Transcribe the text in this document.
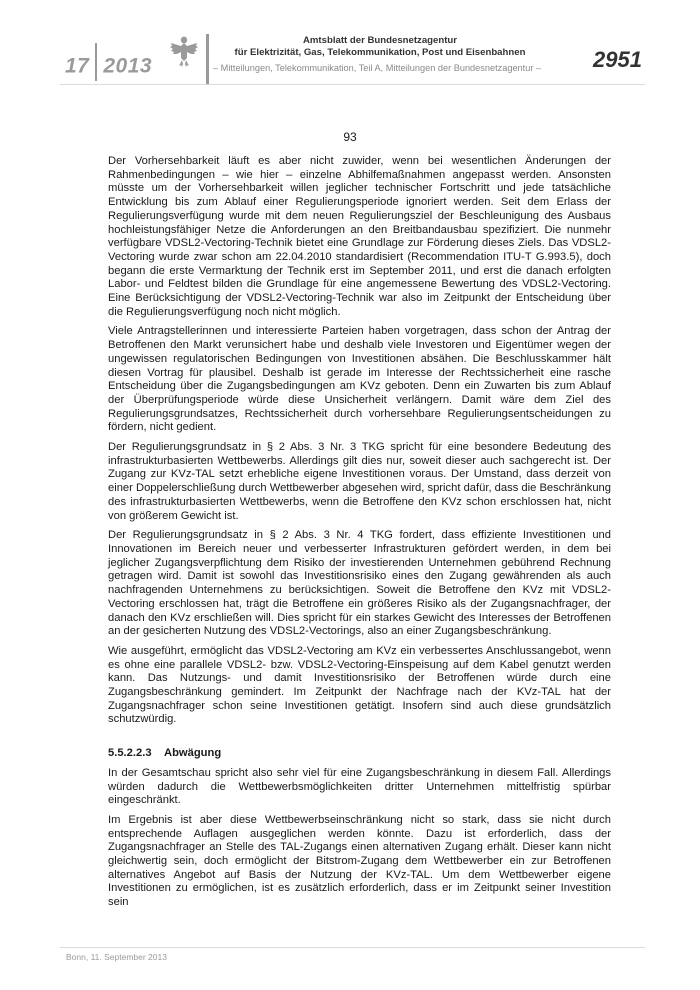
17 2013
Amtsblatt der Bundesnetzagentur
für Elektrizität, Gas, Telekommunikation, Post und Eisenbahnen
– Mitteilungen, Telekommunikation, Teil A, Mitteilungen der Bundesnetzagentur – 2951
93

Der Vorhersehbarkeit läuft es aber nicht zuwider, wenn bei wesentlichen Änderungen der Rahmenbedingungen – wie hier – einzelne Abhilfemaßnahmen angepasst werden. Ansonsten müsste um der Vorhersehbarkeit willen jeglicher technischer Fortschritt und jede tatsächliche Entwicklung bis zum Ablauf einer Regulierungsperiode ignoriert werden. Seit dem Erlass der Regulierungsverfügung wurde mit dem neuen Regulierungsziel der Beschleunigung des Ausbaus hochleistungsfähiger Netze die Anforderungen an den Breitbandausbau spezifiziert. Die nunmehr verfügbare VDSL2-Vectoring-Technik bietet eine Grundlage zur Förderung dieses Ziels. Das VDSL2-Vectoring wurde zwar schon am 22.04.2010 standardisiert (Recommendation ITU-T G.993.5), doch begann die erste Vermarktung der Technik erst im September 2011, und erst die danach erfolgten Labor- und Feldtest bilden die Grundlage für eine angemessene Bewertung des VDSL2-Vectoring. Eine Berücksichtigung der VDSL2-Vectoring-Technik war also im Zeitpunkt der Entscheidung über die Regulierungsverfügung noch nicht möglich.

Viele Antragstellerinnen und interessierte Parteien haben vorgetragen, dass schon der Antrag der Betroffenen den Markt verunsichert habe und deshalb viele Investoren und Eigentümer wegen der ungewissen regulatorischen Bedingungen von Investitionen absähen. Die Beschlusskammer hält diesen Vortrag für plausibel. Deshalb ist gerade im Interesse der Rechtssicherheit eine rasche Entscheidung über die Zugangsbedingungen am KVz geboten. Denn ein Zuwarten bis zum Ablauf der Überprüfungsperiode würde diese Unsicherheit verlängern. Damit wäre dem Ziel des Regulierungsgrundsatzes, Rechtssicherheit durch vorhersehbare Regulierungsentscheidungen zu fördern, nicht gedient.

Der Regulierungsgrundsatz in § 2 Abs. 3 Nr. 3 TKG spricht für eine besondere Bedeutung des infrastrukturbasierten Wettbewerbs. Allerdings gilt dies nur, soweit dieser auch sachgerecht ist. Der Zugang zur KVz-TAL setzt erhebliche eigene Investitionen voraus. Der Umstand, dass derzeit von einer Doppelerschließung durch Wettbewerber abgesehen wird, spricht dafür, dass die Beschränkung des infrastrukturbasierten Wettbewerbs, wenn die Betroffene den KVz schon erschlossen hat, nicht von größerem Gewicht ist.

Der Regulierungsgrundsatz in § 2 Abs. 3 Nr. 4 TKG fordert, dass effiziente Investitionen und Innovationen im Bereich neuer und verbesserter Infrastrukturen gefördert werden, in dem bei jeglicher Zugangsverpflichtung dem Risiko der investierenden Unternehmen gebührend Rechnung getragen wird. Damit ist sowohl das Investitionsrisiko eines den Zugang gewährenden als auch nachfragenden Unternehmens zu berücksichtigen. Soweit die Betroffene den KVz mit VDSL2-Vectoring erschlossen hat, trägt die Betroffene ein größeres Risiko als der Zugangsnachfrager, der danach den KVz erschließen will. Dies spricht für ein starkes Gewicht des Interesses der Betroffenen an der gesicherten Nutzung des VDSL2-Vectorings, also an einer Zugangsbeschränkung.

Wie ausgeführt, ermöglicht das VDSL2-Vectoring am KVz ein verbessertes Anschlussangebot, wenn es ohne eine parallele VDSL2- bzw. VDSL2-Vectoring-Einspeisung auf dem Kabel genutzt werden kann. Das Nutzungs- und damit Investitionsrisiko der Betroffenen würde durch eine Zugangsbeschränkung gemindert. Im Zeitpunkt der Nachfrage nach der KVz-TAL hat der Zugangsnachfrager schon seine Investitionen getätigt. Insofern sind auch diese grundsätzlich schutzwürdig.

5.5.2.2.3 Abwägung

In der Gesamtschau spricht also sehr viel für eine Zugangsbeschränkung in diesem Fall. Allerdings würden dadurch die Wettbewerbsmöglichkeiten dritter Unternehmen mittelfristig spürbar eingeschränkt.

Im Ergebnis ist aber diese Wettbewerbseinschränkung nicht so stark, dass sie nicht durch entsprechende Auflagen ausgeglichen werden könnte. Dazu ist erforderlich, dass der Zugangsnachfrager an Stelle des TAL-Zugangs einen alternativen Zugang erhält. Dieser kann nicht gleichwertig sein, doch ermöglicht der Bitstrom-Zugang dem Wettbewerber ein zur Betroffenen alternatives Angebot auf Basis der Nutzung der KVz-TAL. Um dem Wettbewerber eigene Investitionen zu ermöglichen, ist es zusätzlich erforderlich, dass er im Zeitpunkt seiner Investition sein

Bonn, 11. September 2013
